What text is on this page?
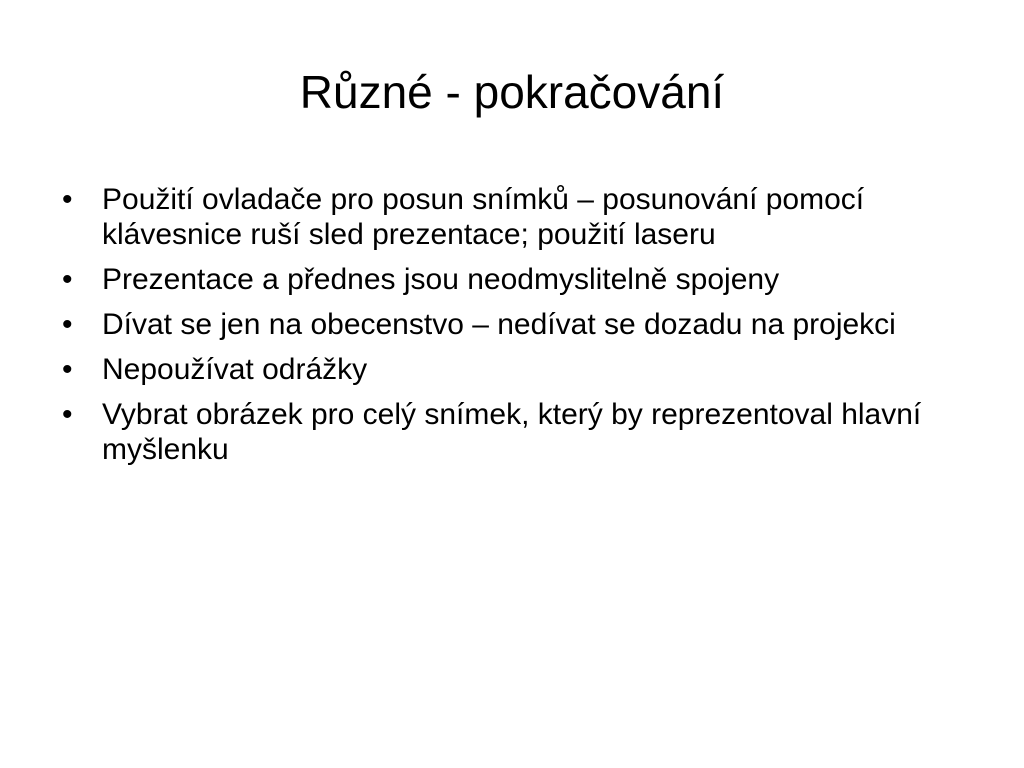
Různé - pokračování
• Použití ovladače pro posun snímků – posunování pomocí klávesnice ruší sled prezentace; použití laseru
• Prezentace a přednes jsou neodmyslitelně spojeny
• Dívat se jen na obecenstvo – nedívat se dozadu na projekci
• Nepoužívat odrážky
• Vybrat obrázek pro celý snímek, který by reprezentoval hlavní myšlenku
